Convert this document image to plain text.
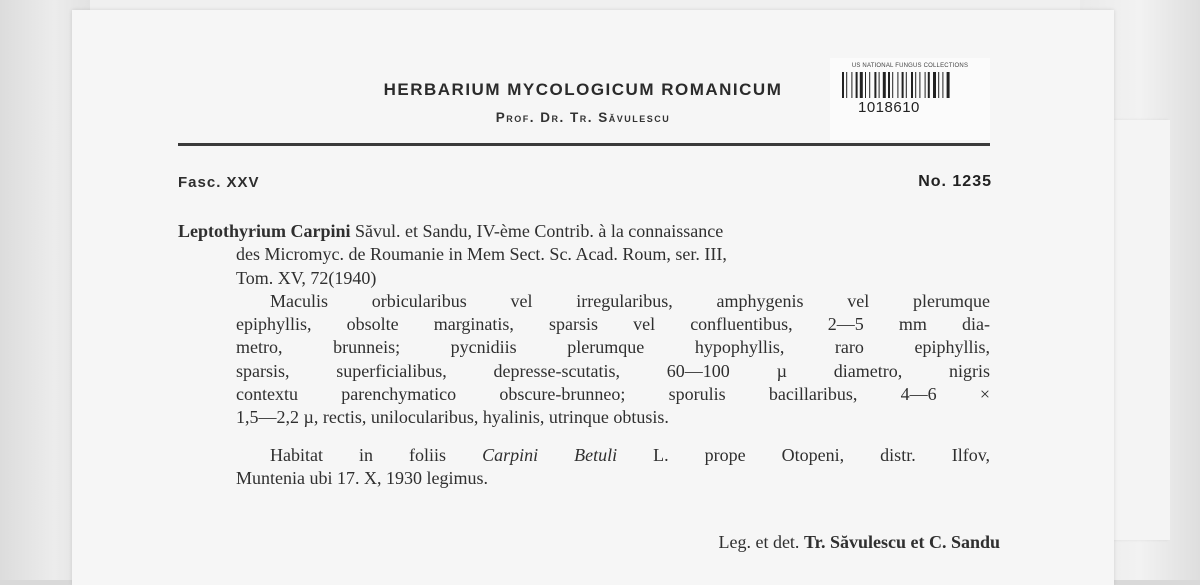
HERBARIUM MYCOLOGICUM ROMANICUM
Prof. Dr. Tr. Săvulescu
US NATIONAL FUNGUS COLLECTIONS
1018610
Fasc. XXV	No. 1235
Leptothyrium Carpini Săvul. et Sandu, IV-ème Contrib. à la connaissance
des Micromyc. de Roumanie in Mem Sect. Sc. Acad. Roum, ser. III,
Tom. XV, 72(1940)
Maculis orbicularibus vel irregularibus, amphygenis vel plerumque
epiphyllis, obsolte marginatis, sparsis vel confluentibus, 2—5 mm dia-
metro, brunneis; pycnidiis plerumque hypophyllis, raro epiphyllis,
sparsis, superficialibus, depresse-scutatis, 60—100 µ diametro, nigris
contextu parenchymatico obscure-brunneo; sporulis bacillaribus, 4—6 ×
1,5—2,2 µ, rectis, unilocularibus, hyalinis, utrinque obtusis.
Habitat in foliis Carpini Betuli L. prope Otopeni, distr. Ilfov,
Muntenia ubi 17. X, 1930 legimus.
Leg. et det. Tr. Săvulescu et C. Sandu
